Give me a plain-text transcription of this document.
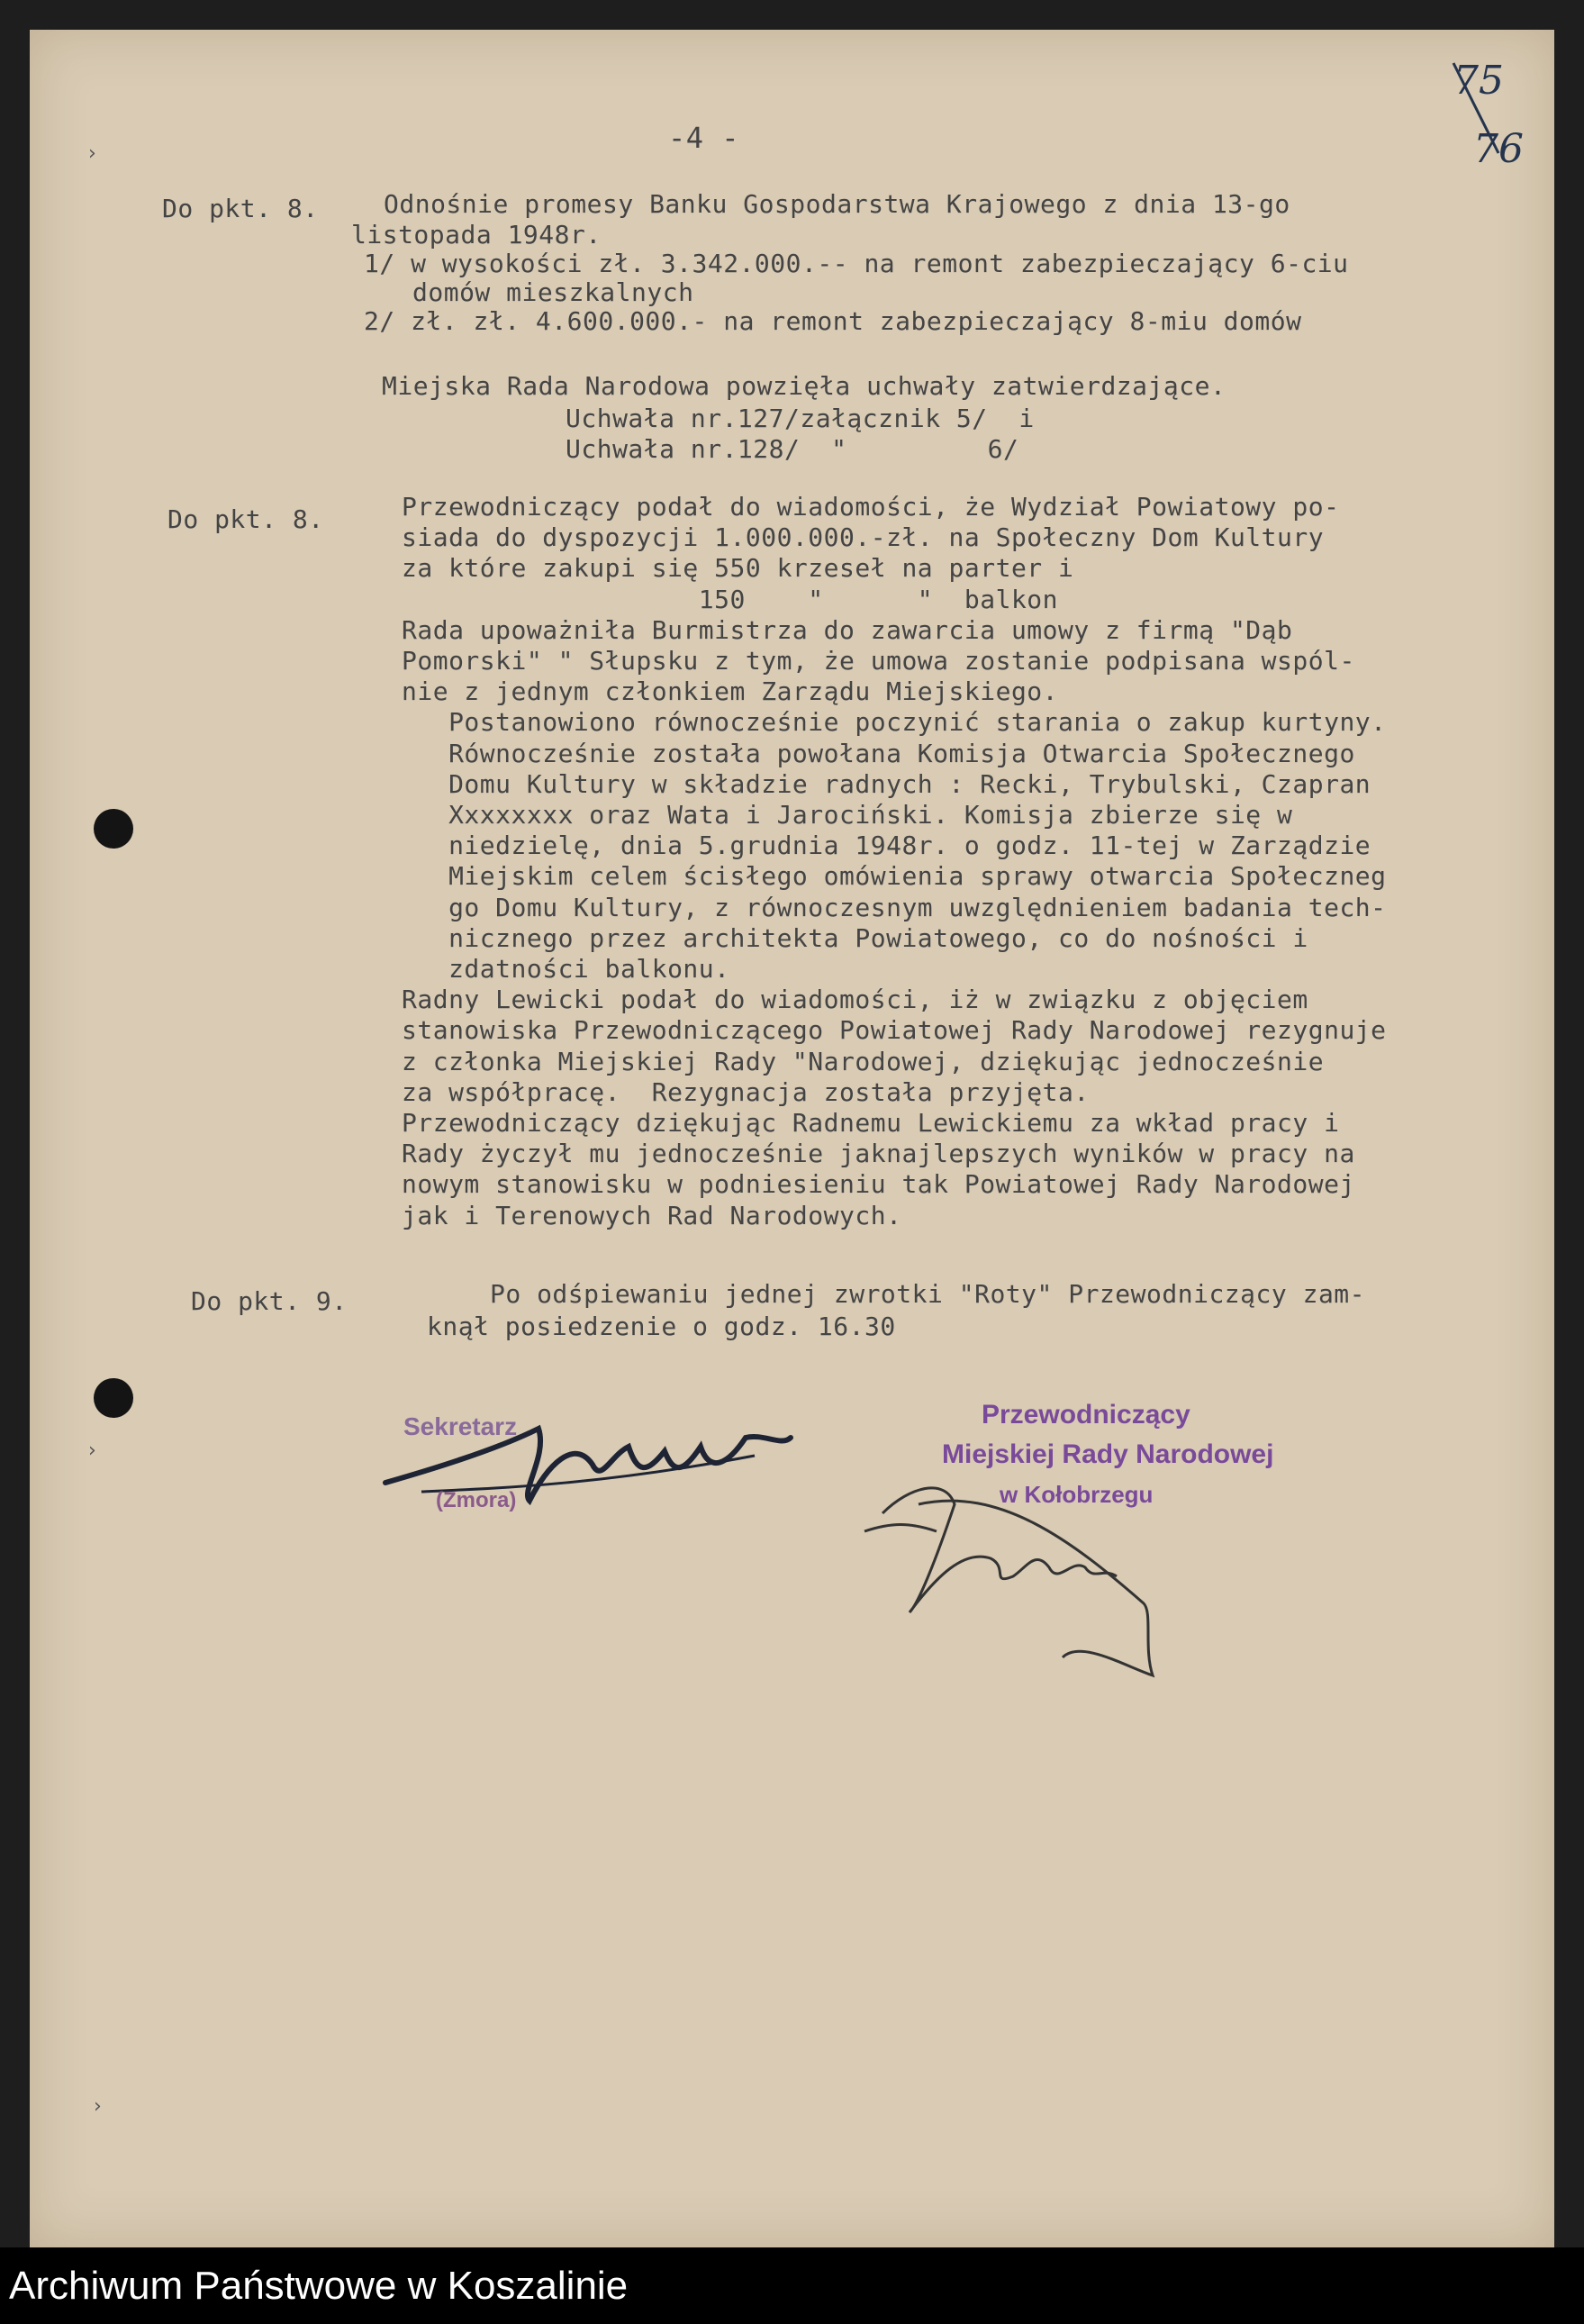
›
›
›
75
76
-4 -
Do pkt. 8.	Odnośnie promesy Banku Gospodarstwa Krajowego z dnia 13-go
listopada 1948r.
1/ w wysokości zł. 3.342.000.-- na remont zabezpieczający 6-ciu
domów mieszkalnych
2/ zł. zł. 4.600.000.- na remont zabezpieczający 8-miu domów
Miejska Rada Narodowa powzięła uchwały zatwierdzające.
Uchwała nr.127/załącznik 5/  i
Uchwała nr.128/  "         6/
Do pkt. 8.	Przewodniczący podał do wiadomości, że Wydział Powiatowy po-
siada do dyspozycji 1.000.000.-zł. na Społeczny Dom Kultury
za które zakupi się 550 krzeseł na parter i
150    "      "  balkon
Rada upoważniła Burmistrza do zawarcia umowy z firmą "Dąb
Pomorski" " Słupsku z tym, że umowa zostanie podpisana wspól-
nie z jednym członkiem Zarządu Miejskiego.
Postanowiono równocześnie poczynić starania o zakup kurtyny.
Równocześnie została powołana Komisja Otwarcia Społecznego
Domu Kultury w składzie radnych : Recki, Trybulski, Czapran
Xxxxxxxx oraz Wata i Jarociński. Komisja zbierze się w
niedzielę, dnia 5.grudnia 1948r. o godz. 11-tej w Zarządzie
Miejskim celem ścisłego omówienia sprawy otwarcia Społeczneg
go Domu Kultury, z równoczesnym uwzględnieniem badania tech-
nicznego przez architekta Powiatowego, co do nośności i
zdatności balkonu.
Radny Lewicki podał do wiadomości, iż w związku z objęciem
stanowiska Przewodniczącego Powiatowej Rady Narodowej rezygnuje
z członka Miejskiej Rady "Narodowej, dziękując jednocześnie
za współpracę.  Rezygnacja została przyjęta.
Przewodniczący dziękując Radnemu Lewickiemu za wkład pracy i
Rady życzył mu jednocześnie jaknajlepszych wyników w pracy na
nowym stanowisku w podniesieniu tak Powiatowej Rady Narodowej
jak i Terenowych Rad Narodowych.
Do pkt. 9.	Po odśpiewaniu jednej zwrotki "Roty" Przewodniczący zam-
knął posiedzenie o godz. 16.30
Sekretarz
(Zmora)
Przewodniczący
Miejskiej Rady Narodowej
w Kołobrzegu
Archiwum Państwowe w Koszalinie
